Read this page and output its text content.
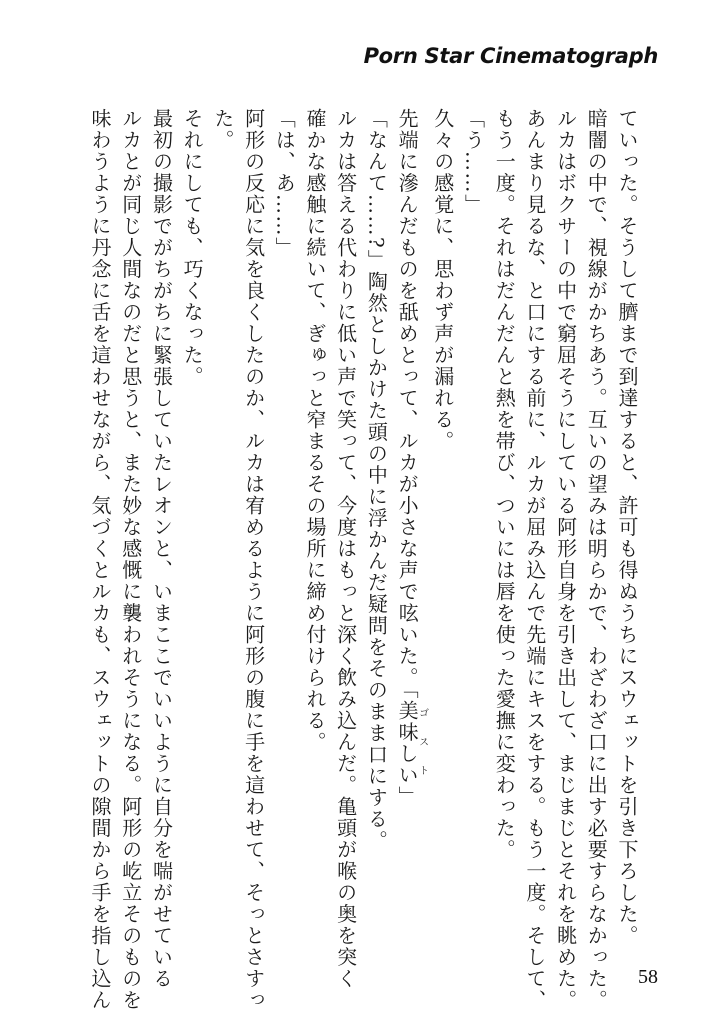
Porn Star Cinematograph

ていった。そうして臍まで到達すると、許可も得ぬうちにスウェットを引き下ろした。

暗闇の中で、視線がかちあう。互いの望みは明らかで、わざわざ口に出す必要すらなかった。

ルカはボクサーの中で窮屈そうにしている阿形自身を引き出して、まじまじとそれを眺めた。

あんまり見るな、と口にする前に、ルカが屈み込んで先端にキスをする。もう一度。そして、

もう一度。それはだんだんと熱を帯び、ついには唇を使った愛撫に変わった。

「う……」

久々の感覚に、思わず声が漏れる。

先端に滲んだものを舐めとって、ルカが小さな声で呟いた。「美味しいゴスト」

「なんて……?」陶然としかけた頭の中に浮かんだ疑問をそのまま口にする。

ルカは答える代わりに低い声で笑って、今度はもっと深く飲み込んだ。亀頭が喉の奥を突く

確かな感触に続いて、ぎゅっと窄まるその場所に締め付けられる。

「は、あ……」

阿形の反応に気を良くしたのか、ルカは宥めるように阿形の腹に手を這わせて、そっとさすっ

た。

それにしても、巧くなった。

最初の撮影でがちがちに緊張していたレオンと、いまここでいいように自分を喘がせている

ルカとが同じ人間なのだと思うと、また妙な感慨に襲われそうになる。阿形の屹立そのものを

味わうように丹念に舌を這わせながら、気づくとルカも、スウェットの隙間から手を指し込ん	58
